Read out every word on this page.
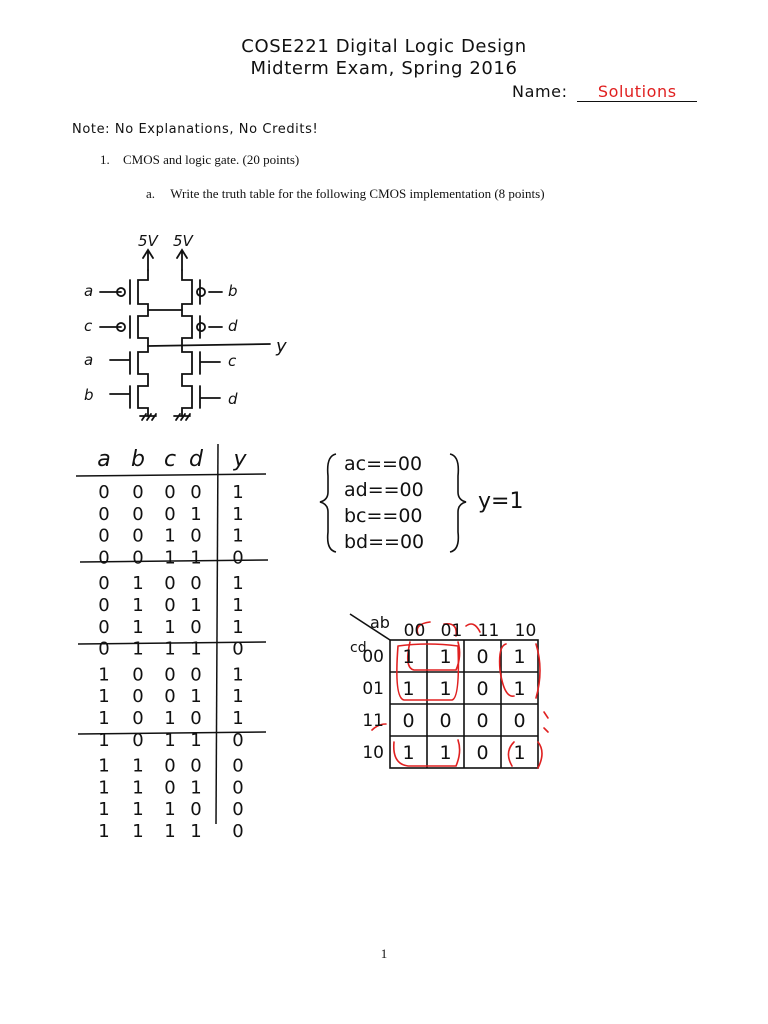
COSE221 Digital Logic Design
Midterm Exam, Spring 2016
Name: Solutions
Note: No Explanations, No Credits!
1. CMOS and logic gate. (20 points)
a. Write the truth table for the following CMOS implementation (8 points)
5V 5V
a
c
a
b
b
d
c
d
y
a b c d y
0 0 0 0 1
0 0 0 1 1
0 0 1 0 1
0 0 1 1 0
0 1 0 0 1
0 1 0 1 1
0 1 1 0 1
0 1 1 1 0
1 0 0 0 1
1 0 0 1 1
1 0 1 0 1
1 0 1 1 0
1 1 0 0 0
1 1 0 1 0
1 1 1 0 0
1 1 1 1 0
ac==00
ad==00
bc==00
bd==00
y=1
ab
cd
00 01 11 10
00
01
11
10
1 1 0 1
1 1 0 1
0 0 0 0
1 1 0 1
1
